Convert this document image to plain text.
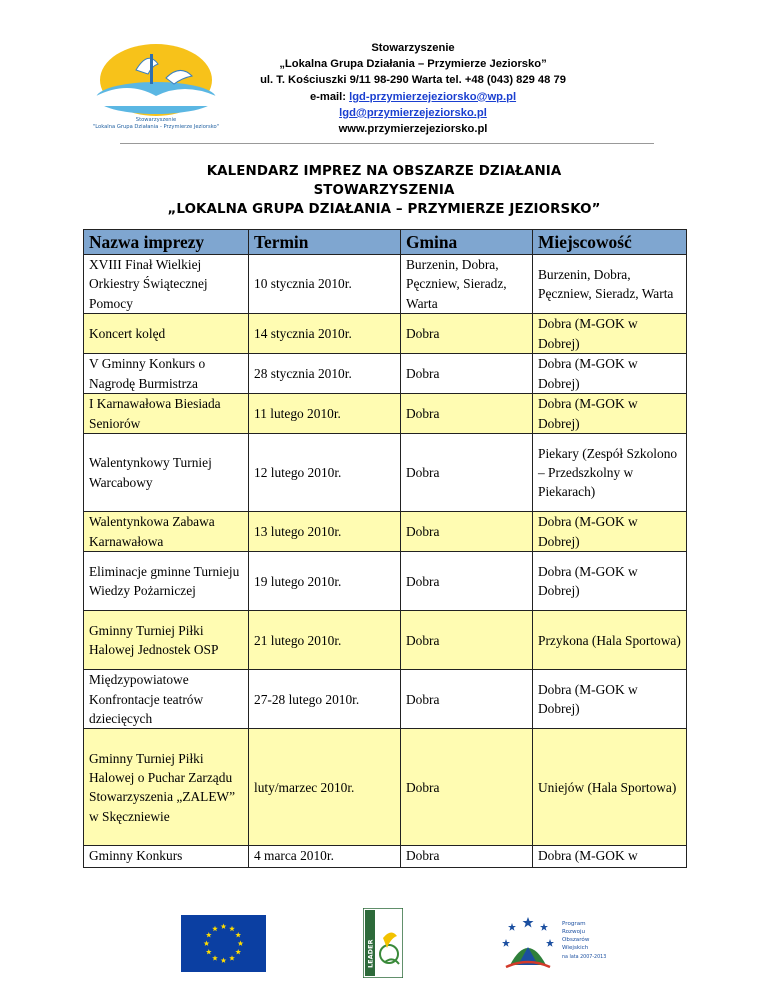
Stowarzyszenie
"Lokalna Grupa Działania - Przymierze Jeziorsko"
Stowarzyszenie
„Lokalna Grupa Działania – Przymierze Jeziorsko”
ul. T. Kościuszki 9/11 98-290 Warta tel. +48 (043) 829 48 79
e-mail: lgd-przymierzejeziorsko@wp.pl
lgd@przymierzejeziorsko.pl
www.przymierzejeziorsko.pl
KALENDARZ IMPREZ NA OBSZARZE DZIAŁANIA
STOWARZYSZENIA
„LOKALNA GRUPA DZIAŁANIA – PRZYMIERZE JEZIORSKO”
Nazwa imprezy	Termin	Gmina	Miejscowość
XVIII Finał Wielkiej Orkiestry Świątecznej Pomocy	10 stycznia 2010r.	Burzenin, Dobra, Pęczniew, Sieradz, Warta	Burzenin, Dobra, Pęczniew, Sieradz, Warta
Koncert kolęd	14 stycznia 2010r.	Dobra	Dobra (M-GOK w Dobrej)
V Gminny Konkurs o Nagrodę Burmistrza	28 stycznia 2010r.	Dobra	Dobra (M-GOK w Dobrej)
I Karnawałowa Biesiada Seniorów	11 lutego 2010r.	Dobra	Dobra (M-GOK w Dobrej)
Walentynkowy Turniej Warcabowy	12 lutego 2010r.	Dobra	Piekary (Zespół Szkolono – Przedszkolny w Piekarach)
Walentynkowa Zabawa Karnawałowa	13 lutego 2010r.	Dobra	Dobra (M-GOK w Dobrej)
Eliminacje gminne Turnieju Wiedzy Pożarniczej	19 lutego 2010r.	Dobra	Dobra (M-GOK w Dobrej)
Gminny Turniej Piłki Halowej Jednostek OSP	21 lutego 2010r.	Dobra	Przykona (Hala Sportowa)
Międzypowiatowe Konfrontacje teatrów dziecięcych	27-28 lutego 2010r.	Dobra	Dobra (M-GOK w Dobrej)
Gminny Turniej Piłki Halowej o Puchar Zarządu Stowarzyszenia „ZALEW” w Skęczniewie	luty/marzec 2010r.	Dobra	Uniejów (Hala Sportowa)
Gminny Konkurs	4 marca 2010r.	Dobra	Dobra (M-GOK w
LEADER
Program
Rozwoju
Obszarów
Wiejskich
na lata 2007-2013
